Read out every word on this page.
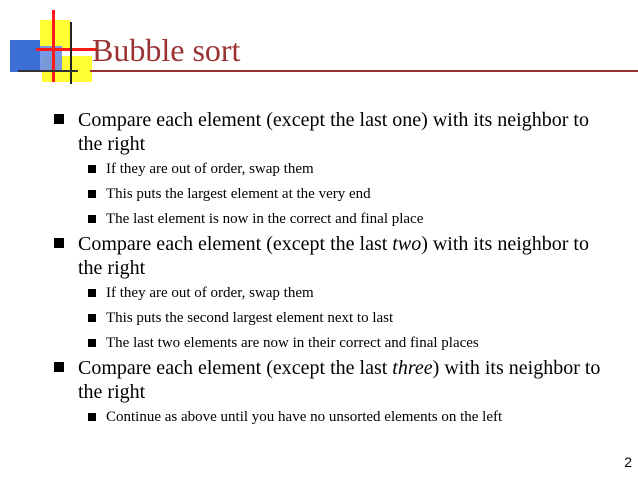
Bubble sort
Compare each element (except the last one) with its neighbor to the right
If they are out of order, swap them
This puts the largest element at the very end
The last element is now in the correct and final place
Compare each element (except the last two) with its neighbor to the right
If they are out of order, swap them
This puts the second largest element next to last
The last two elements are now in their correct and final places
Compare each element (except the last three) with its neighbor to the right
Continue as above until you have no unsorted elements on the left
2
